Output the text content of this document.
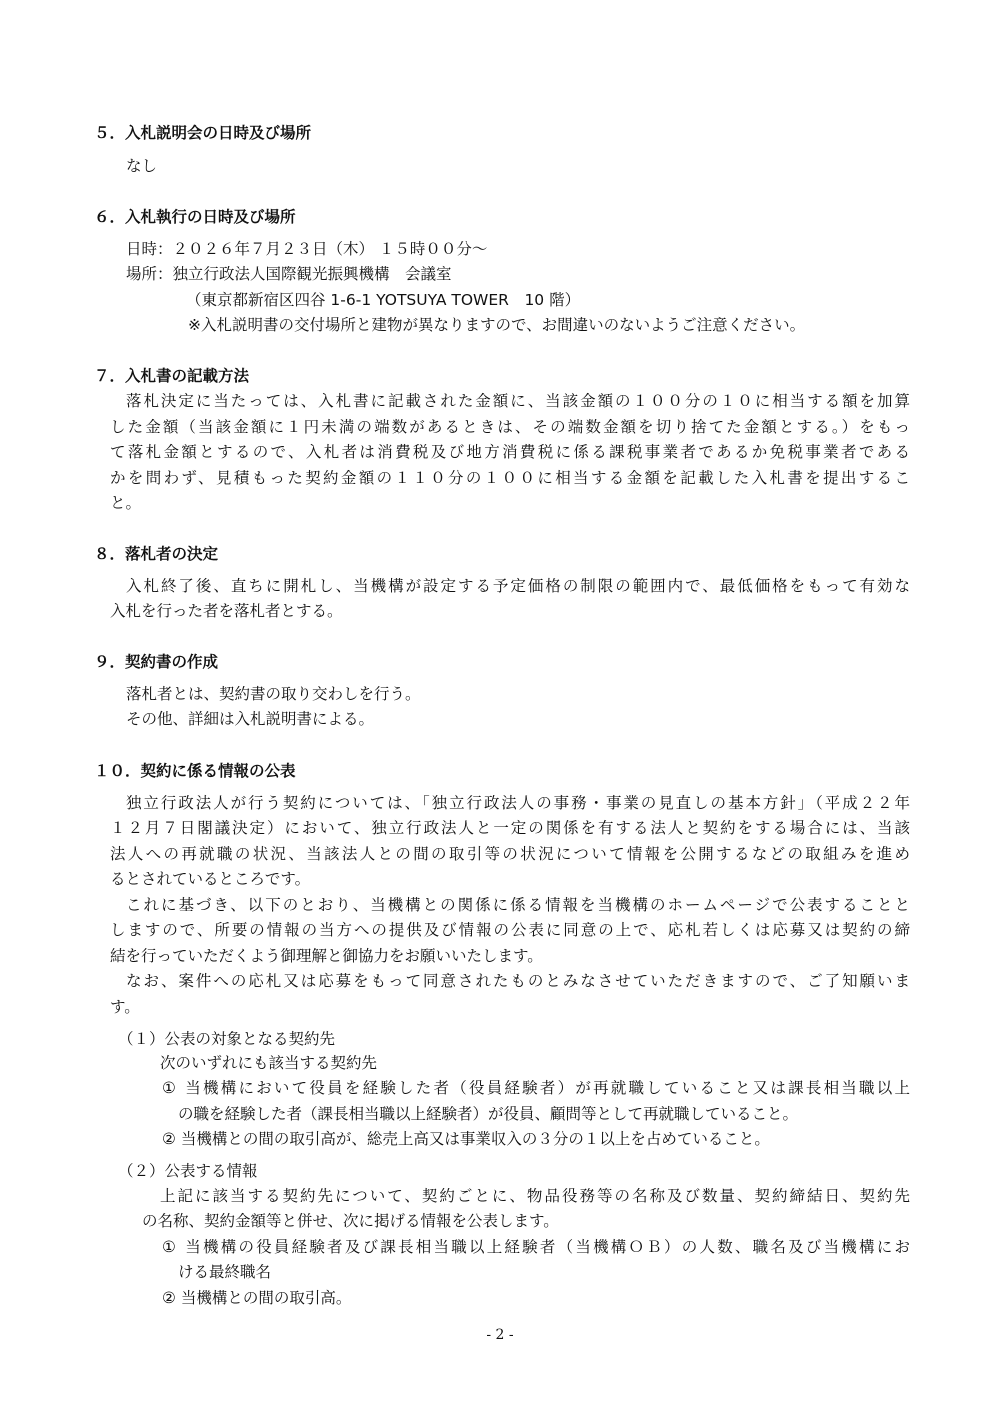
５．入札説明会の日時及び場所
なし
６．入札執行の日時及び場所
日時：２０２６年７月２３日（木） １５時００分～
場所：独立行政法人国際観光振興機構　会議室
（東京都新宿区四谷 1-6-1 YOTSUYA TOWER　10 階）
※入札説明書の交付場所と建物が異なりますので、お間違いのないようご注意ください。
７．入札書の記載方法
落札決定に当たっては、入札書に記載された金額に、当該金額の１００分の１０に相当する額を加算
した金額（当該金額に１円未満の端数があるときは、その端数金額を切り捨てた金額とする。）をもっ
て落札金額とするので、入札者は消費税及び地方消費税に係る課税事業者であるか免税事業者である
かを問わず、見積もった契約金額の１１０分の１００に相当する金額を記載した入札書を提出するこ
と。
８．落札者の決定
入札終了後、直ちに開札し、当機構が設定する予定価格の制限の範囲内で、最低価格をもって有効な
入札を行った者を落札者とする。
９．契約書の作成
落札者とは、契約書の取り交わしを行う。
その他、詳細は入札説明書による。
１０．契約に係る情報の公表
独立行政法人が行う契約については、「独立行政法人の事務・事業の見直しの基本方針」（平成２２年
１２月７日閣議決定）において、独立行政法人と一定の関係を有する法人と契約をする場合には、当該
法人への再就職の状況、当該法人との間の取引等の状況について情報を公開するなどの取組みを進め
るとされているところです。
これに基づき、以下のとおり、当機構との関係に係る情報を当機構のホームページで公表することと
しますので、所要の情報の当方への提供及び情報の公表に同意の上で、応札若しくは応募又は契約の締
結を行っていただくよう御理解と御協力をお願いいたします。
なお、案件への応札又は応募をもって同意されたものとみなさせていただきますので、ご了知願いま
す。
（１）公表の対象となる契約先
次のいずれにも該当する契約先
① 当機構において役員を経験した者（役員経験者）が再就職していること又は課長相当職以上
の職を経験した者（課長相当職以上経験者）が役員、顧問等として再就職していること。
② 当機構との間の取引高が、総売上高又は事業収入の３分の１以上を占めていること。
（２）公表する情報
上記に該当する契約先について、契約ごとに、物品役務等の名称及び数量、契約締結日、契約先
の名称、契約金額等と併せ、次に掲げる情報を公表します。
① 当機構の役員経験者及び課長相当職以上経験者（当機構ＯＢ）の人数、職名及び当機構にお
ける最終職名
② 当機構との間の取引高。
- 2 -
